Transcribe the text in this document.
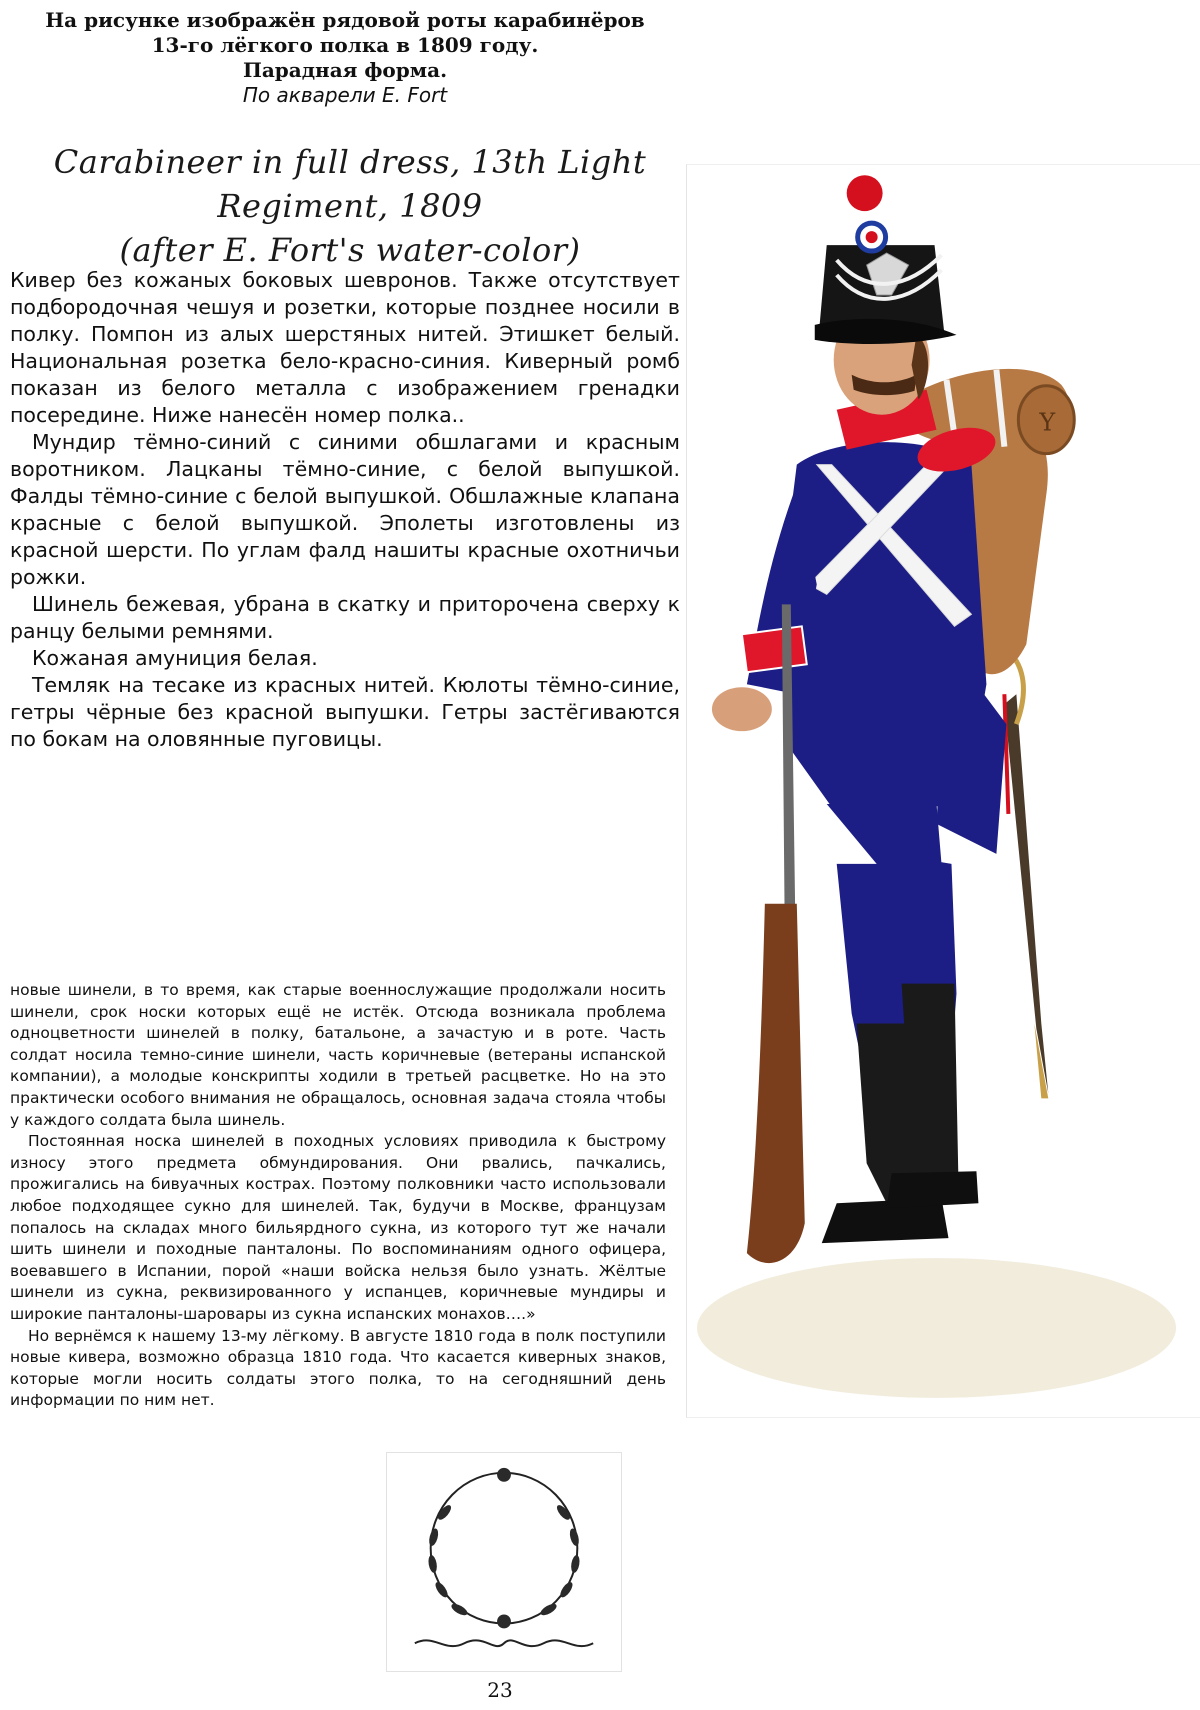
На рисунке изображён рядовой роты карабинёров
13-го лёгкого полка в 1809 году.
Парадная форма.
По акварели E. Fort
Carabineer in full dress, 13th Light Regiment, 1809
(after E. Fort's water-color)

Кивер без кожаных боковых шевронов. Также отсутствует подбородочная чешуя и розетки, которые позднее носили в полку. Помпон из алых шерстяных нитей. Этишкет белый. Национальная розетка бело-красно-синия. Киверный ромб показан из белого металла с изображением гренадки посередине. Ниже нанесён номер полка..

Мундир тёмно-синий с синими обшлагами и красным воротником. Лацканы тёмно-синие, с белой выпушкой. Фалды тёмно-синие с белой выпушкой. Обшлажные клапана красные с белой выпушкой. Эполеты изготовлены из красной шерсти. По углам фалд нашиты красные охотничьи рожки.

Шинель бежевая, убрана в скатку и приторочена сверху к ранцу белыми ремнями.

Кожаная амуниция белая.

Темляк на тесаке из красных нитей. Кюлоты тёмно-синие, гетры чёрные без красной выпушки. Гетры застёгиваются по бокам на оловянные пуговицы.

новые шинели, в то время, как старые военнослужащие продолжали носить шинели, срок носки которых ещё не истёк. Отсюда возникала проблема одноцветности шинелей в полку, батальоне, а зачастую и в роте. Часть солдат носила темно-синие шинели, часть коричневые (ветераны испанской компании), а молодые конскрипты ходили в третьей расцветке. Но на это практически особого внимания не обращалось, основная задача стояла чтобы у каждого солдата была шинель.

Постоянная носка шинелей в походных условиях приводила к быстрому износу этого предмета обмундирования. Они рвались, пачкались, прожигались на бивуачных кострах. Поэтому полковники часто использовали любое подходящее сукно для шинелей. Так, будучи в Москве, французам попалось на складах много бильярдного сукна, из которого тут же начали шить шинели и походные панталоны. По воспоминаниям одного офицера, воевавшего в Испании, порой «наши войска нельзя было узнать. Жёлтые шинели из сукна, реквизированного у испанцев, коричневые мундиры и широкие панталоны-шаровары из сукна испанских монахов….»

Но вернёмся к нашему 13-му лёгкому. В августе 1810 года в полк поступили новые кивера, возможно образца 1810 года. Что касается киверных знаков, которые могли носить солдаты этого полка, то на сегодняшний день информации по ним нет.

Y
23
